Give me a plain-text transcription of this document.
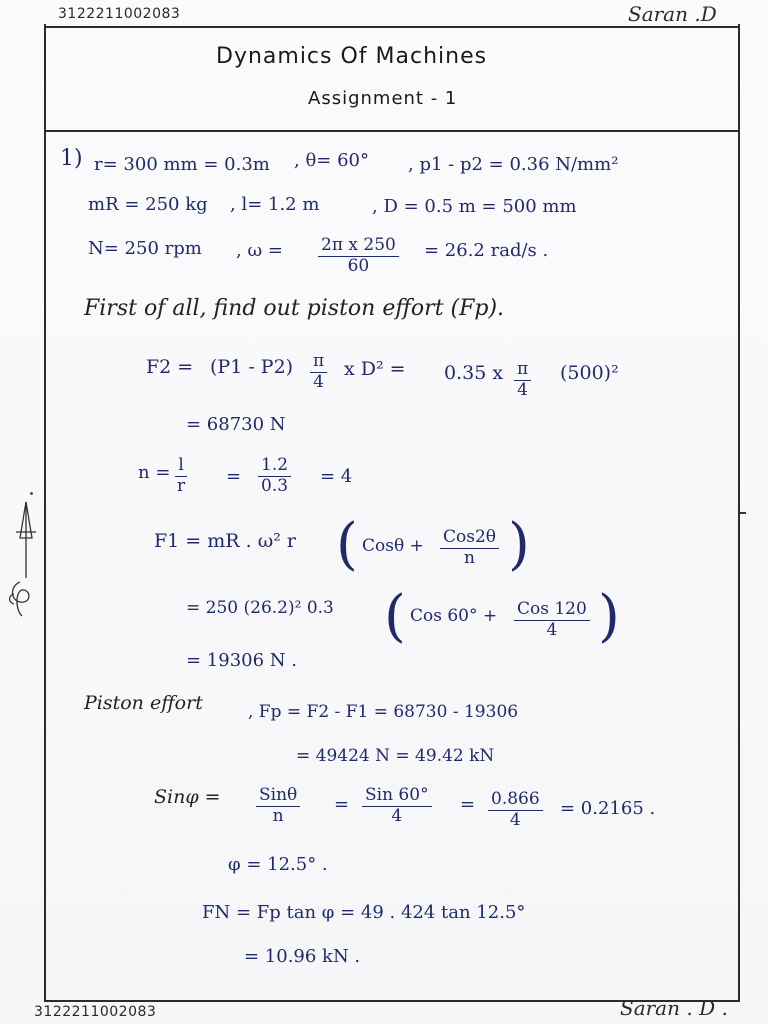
3122211002083	Saran .D
Dynamics Of Machines
Assignment - 1
1) r= 300 mm = 0.3m , θ= 60° , p1 - p2 = 0.36 N/mm²
mR = 250 kg , l= 1.2 m	, D = 0.5 m = 500 mm
N= 250 rpm , $\omega = \frac{\text{2π x 250}}{60} = 26.2$ rad/s .
First of all, find out piston effort (Fp).
$F2 = (P1 - P2) \frac{\pi}{4}$ x D² = 0.35 x $\frac{\pi}{4} (500)^2$
= 68730 N
$n = \frac{l}{r} = \frac{1.2}{0.3} = 4$
F1 = mR . ω² r ( Cosθ + Cos2θ
n )
= 250 (26.2)² 0.3 ( Cos 60° + Cos 120
4 )
= 19306 N .
Piston effort	, Fp = F2 - F1 = 68730 - 19306
= 49424 N = 49.42 kN
Sinφ = Sinθ
n
= Sin 60°
4
= $\frac{0.866}{4} = 0.2165$ .
φ = 12.5° .
FN = Fp tan φ = 49 . 424 tan 12.5°
= 10.96 kN .
3122211002083	Saran . D .
